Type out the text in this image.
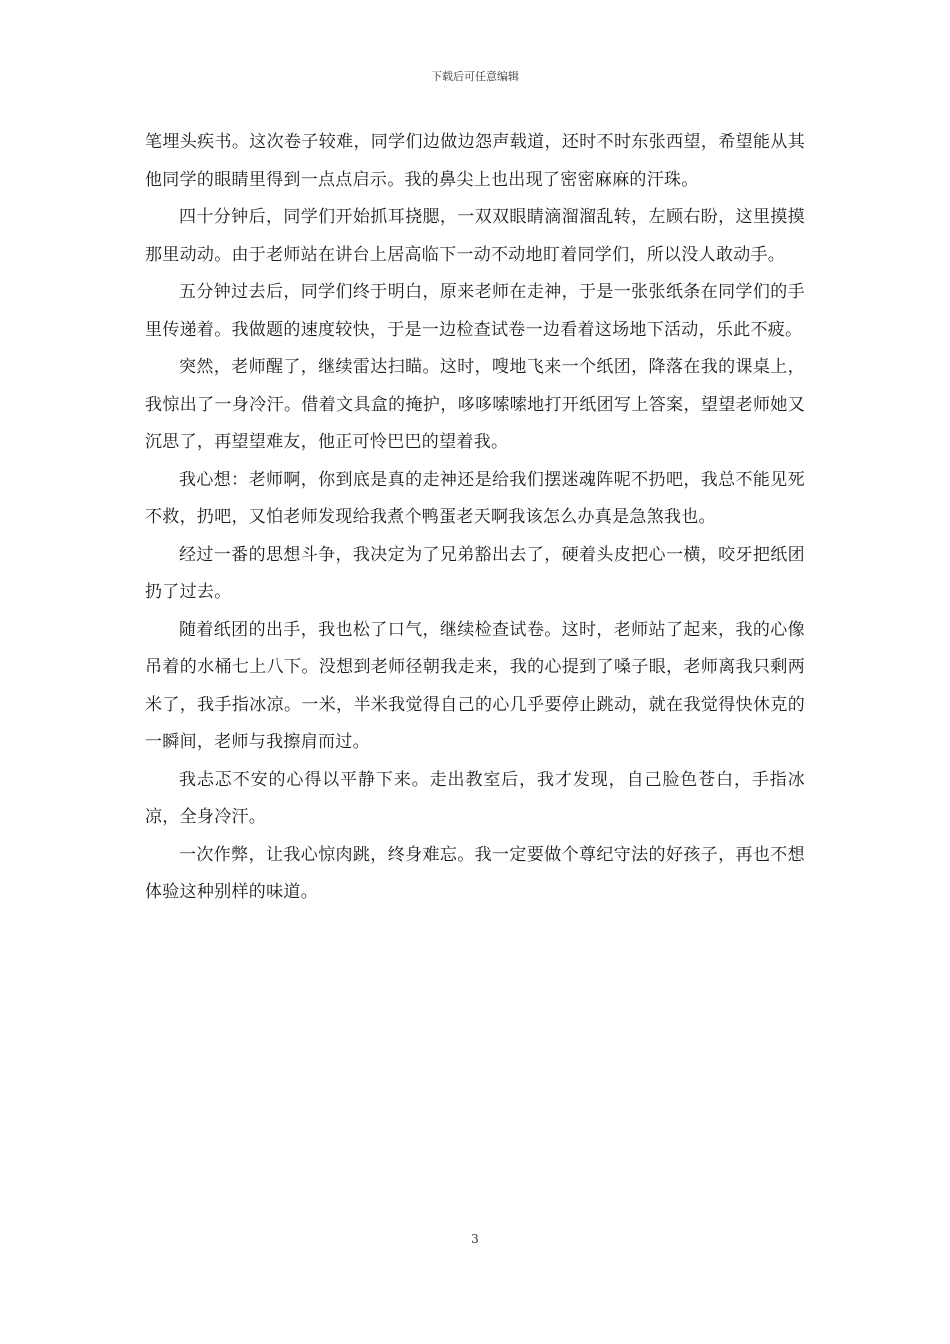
下载后可任意编辑

笔埋头疾书。这次卷子较难，同学们边做边怨声载道，还时不时东张西望，希望能从其他同学的眼睛里得到一点点启示。我的鼻尖上也出现了密密麻麻的汗珠。

四十分钟后，同学们开始抓耳挠腮，一双双眼睛滴溜溜乱转，左顾右盼，这里摸摸那里动动。由于老师站在讲台上居高临下一动不动地盯着同学们，所以没人敢动手。

五分钟过去后，同学们终于明白，原来老师在走神，于是一张张纸条在同学们的手里传递着。我做题的速度较快，于是一边检查试卷一边看着这场地下活动，乐此不疲。

突然，老师醒了，继续雷达扫瞄。这时，嗖地飞来一个纸团，降落在我的课桌上，我惊出了一身冷汗。借着文具盒的掩护，哆哆嗦嗦地打开纸团写上答案，望望老师她又沉思了，再望望难友，他正可怜巴巴的望着我。

我心想：老师啊，你到底是真的走神还是给我们摆迷魂阵呢不扔吧，我总不能见死不救，扔吧，又怕老师发现给我煮个鸭蛋老天啊我该怎么办真是急煞我也。

经过一番的思想斗争，我决定为了兄弟豁出去了，硬着头皮把心一横，咬牙把纸团扔了过去。

随着纸团的出手，我也松了口气，继续检查试卷。这时，老师站了起来，我的心像吊着的水桶七上八下。没想到老师径朝我走来，我的心提到了嗓子眼，老师离我只剩两米了，我手指冰凉。一米，半米我觉得自己的心几乎要停止跳动，就在我觉得快休克的一瞬间，老师与我擦肩而过。

我忐忑不安的心得以平静下来。走出教室后，我才发现，自己脸色苍白，手指冰凉，全身冷汗。

一次作弊，让我心惊肉跳，终身难忘。我一定要做个尊纪守法的好孩子，再也不想体验这种别样的味道。

3
